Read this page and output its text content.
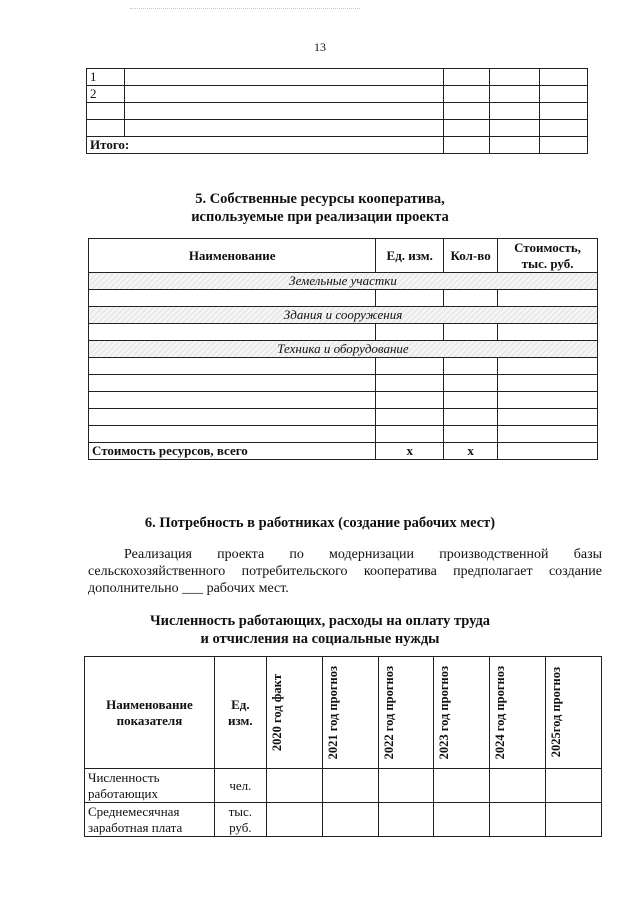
13
1				
2				

Итого:				
5. Собственные ресурсы кооператива,
используемые при реализации проекта
Наименование	Ед. изм.	Кол-во	Стоимость, тыс. руб.
Земельные участки			

Здания и сооружения			

Техника и оборудование			

Стоимость ресурсов, всего	х	х	
6. Потребность в работниках (создание рабочих мест)
Реализация проекта по модернизации производственной базы сельскохозяйственного потребительского кооператива предполагает создание дополнительно ___ рабочих мест.
Численность работающих, расходы на оплату труда
и отчисления на социальные нужды
Наименование показателя	Ед. изм.	2020 год факт	2021 год прогноз	2022 год прогноз	2023 год прогноз	2024 год прогноз	2025год прогноз

Численность работающих	чел.						
Среднемесячная заработная плата	тыс. руб.						
